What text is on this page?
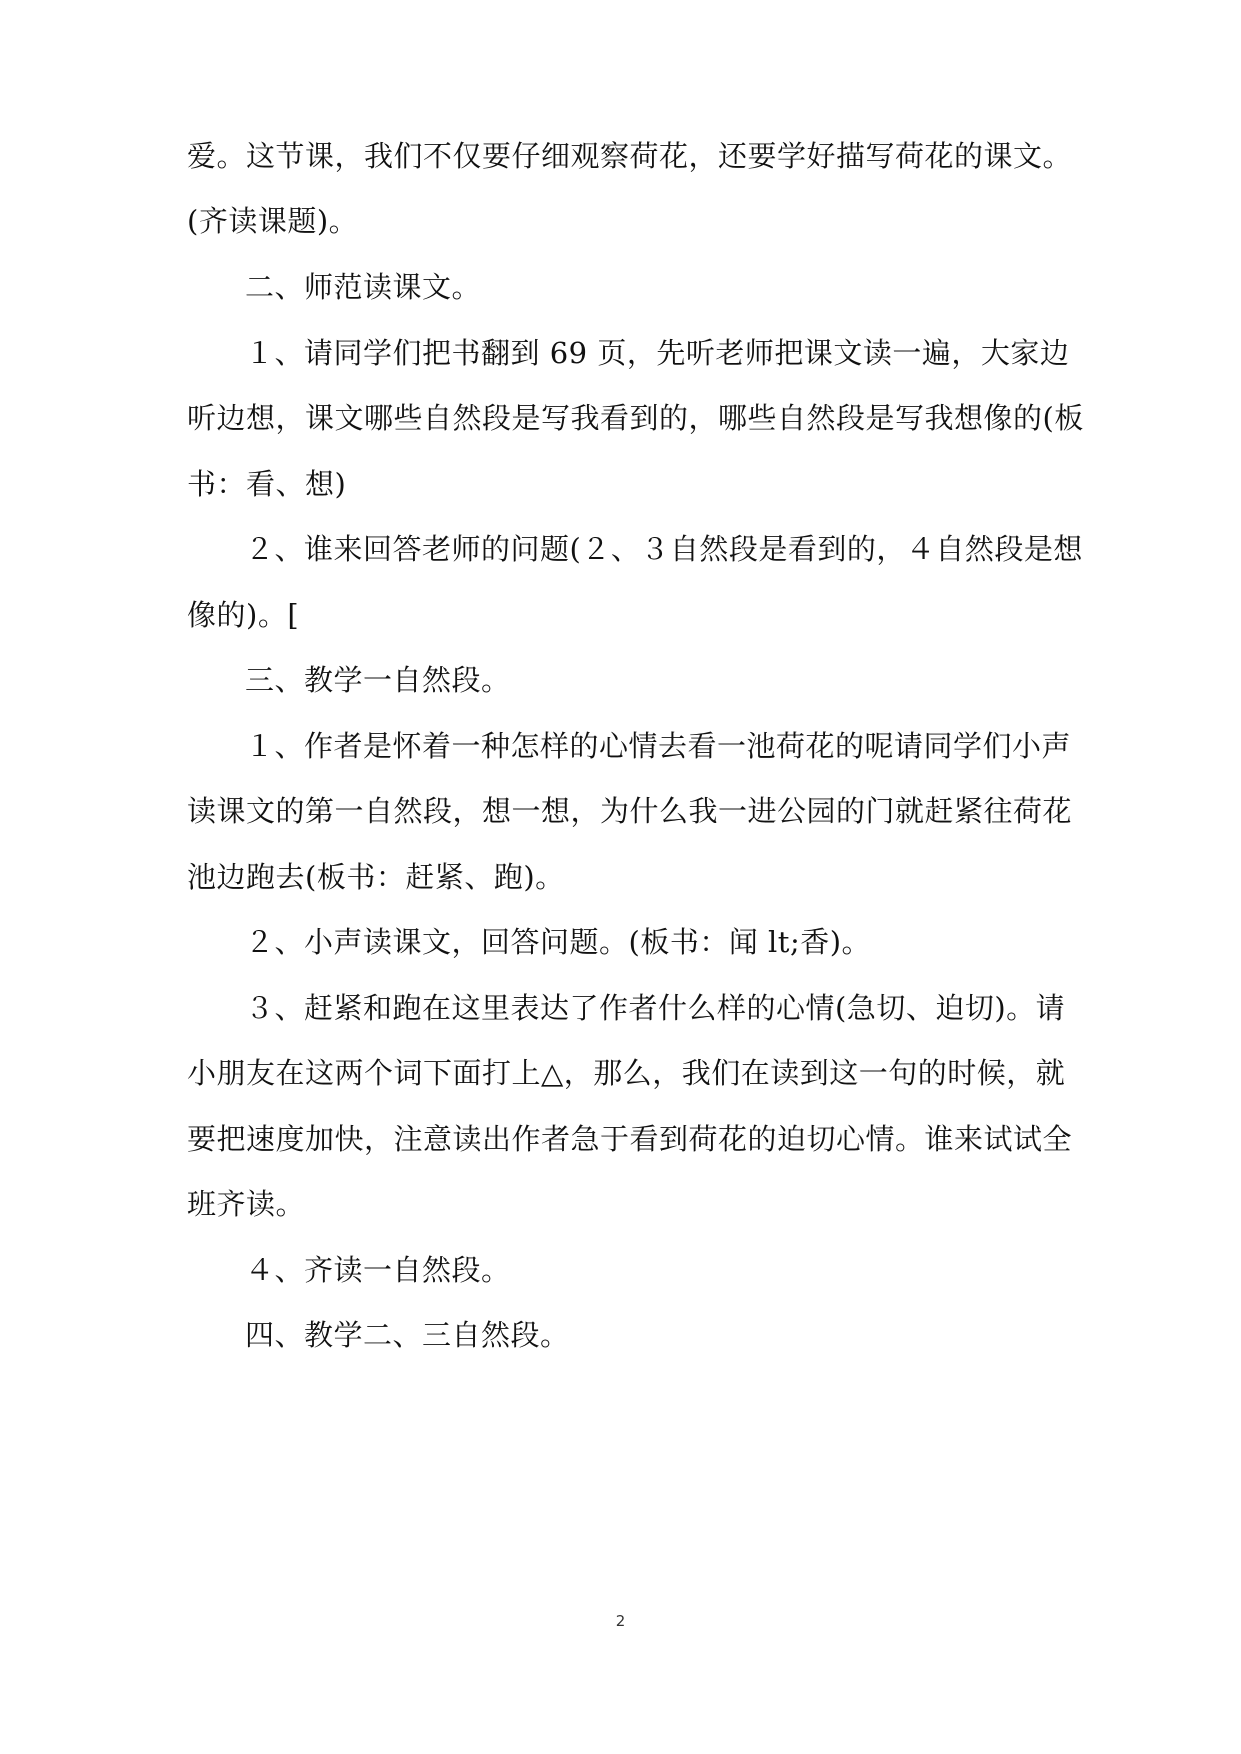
爱。这节课，我们不仅要仔细观察荷花，还要学好描写荷花的课文。
(齐读课题)。
二、师范读课文。
１、请同学们把书翻到 69 页，先听老师把课文读一遍，大家边
听边想，课文哪些自然段是写我看到的，哪些自然段是写我想像的(板
书：看、想)
２、谁来回答老师的问题(２、３自然段是看到的，４自然段是想
像的)。[
三、教学一自然段。
１、作者是怀着一种怎样的心情去看一池荷花的呢请同学们小声
读课文的第一自然段，想一想，为什么我一进公园的门就赶紧往荷花
池边跑去(板书：赶紧、跑)。
２、小声读课文，回答问题。(板书：闻 lt;香)。
３、赶紧和跑在这里表达了作者什么样的心情(急切、迫切)。请
小朋友在这两个词下面打上△，那么，我们在读到这一句的时候，就
要把速度加快，注意读出作者急于看到荷花的迫切心情。谁来试试全
班齐读。
４、齐读一自然段。
四、教学二、三自然段。
2
